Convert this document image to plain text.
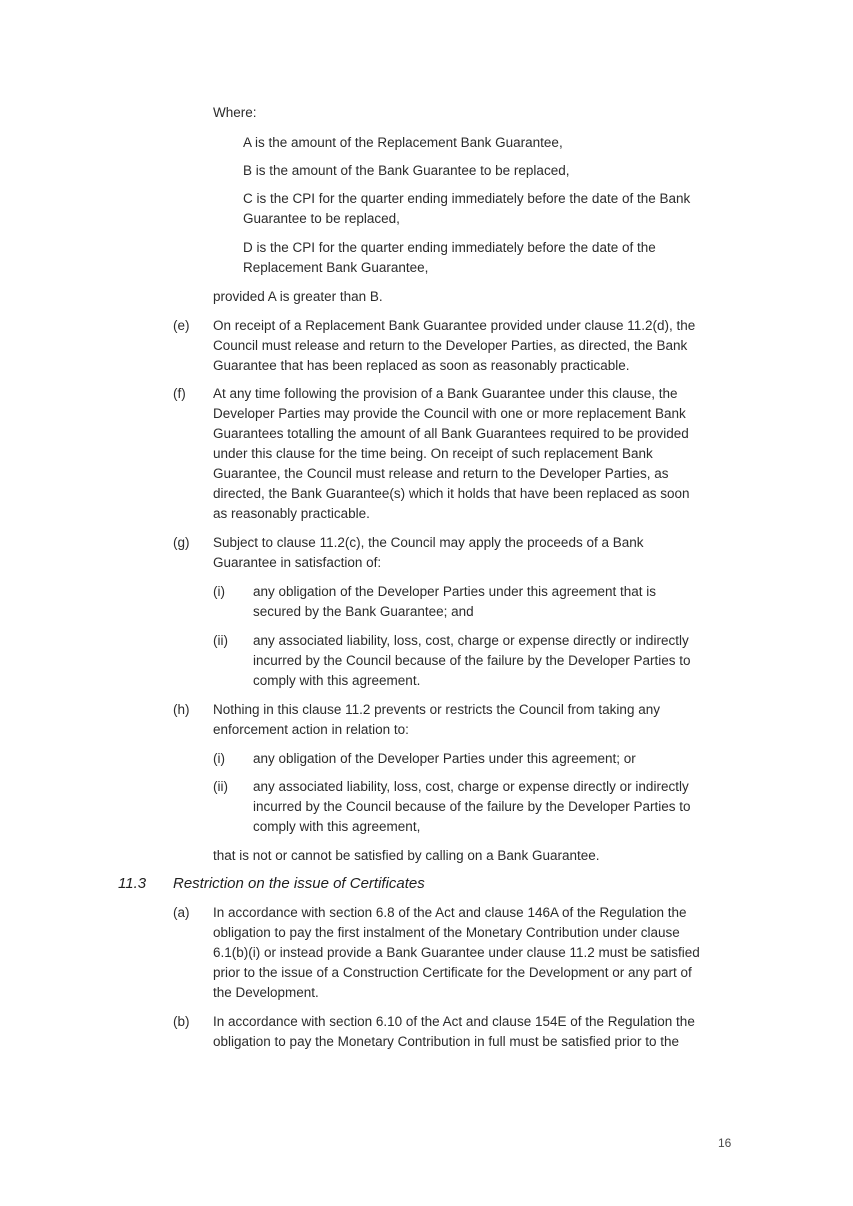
Where:

A is the amount of the Replacement Bank Guarantee,

B is the amount of the Bank Guarantee to be replaced,

C is the CPI for the quarter ending immediately before the date of the Bank

Guarantee to be replaced,

D is the CPI for the quarter ending immediately before the date of the

Replacement Bank Guarantee,

provided A is greater than B.

(e) On receipt of a Replacement Bank Guarantee provided under clause 11.2(d), the

Council must release and return to the Developer Parties, as directed, the Bank

Guarantee that has been replaced as soon as reasonably practicable.

(f) At any time following the provision of a Bank Guarantee under this clause, the

Developer Parties may provide the Council with one or more replacement Bank

Guarantees totalling the amount of all Bank Guarantees required to be provided

under this clause for the time being. On receipt of such replacement Bank

Guarantee, the Council must release and return to the Developer Parties, as

directed, the Bank Guarantee(s) which it holds that have been replaced as soon

as reasonably practicable.

(g) Subject to clause 11.2(c), the Council may apply the proceeds of a Bank

Guarantee in satisfaction of:

(i) any obligation of the Developer Parties under this agreement that is

secured by the Bank Guarantee; and

(ii) any associated liability, loss, cost, charge or expense directly or indirectly

incurred by the Council because of the failure by the Developer Parties to

comply with this agreement.

(h) Nothing in this clause 11.2 prevents or restricts the Council from taking any

enforcement action in relation to:

(i) any obligation of the Developer Parties under this agreement; or

(ii) any associated liability, loss, cost, charge or expense directly or indirectly

incurred by the Council because of the failure by the Developer Parties to

comply with this agreement,

that is not or cannot be satisfied by calling on a Bank Guarantee.

11.3 Restriction on the issue of Certificates

(a) In accordance with section 6.8 of the Act and clause 146A of the Regulation the

obligation to pay the first instalment of the Monetary Contribution under clause

6.1(b)(i) or instead provide a Bank Guarantee under clause 11.2 must be satisfied

prior to the issue of a Construction Certificate for the Development or any part of

the Development.

(b) In accordance with section 6.10 of the Act and clause 154E of the Regulation the

obligation to pay the Monetary Contribution in full must be satisfied prior to the

16
